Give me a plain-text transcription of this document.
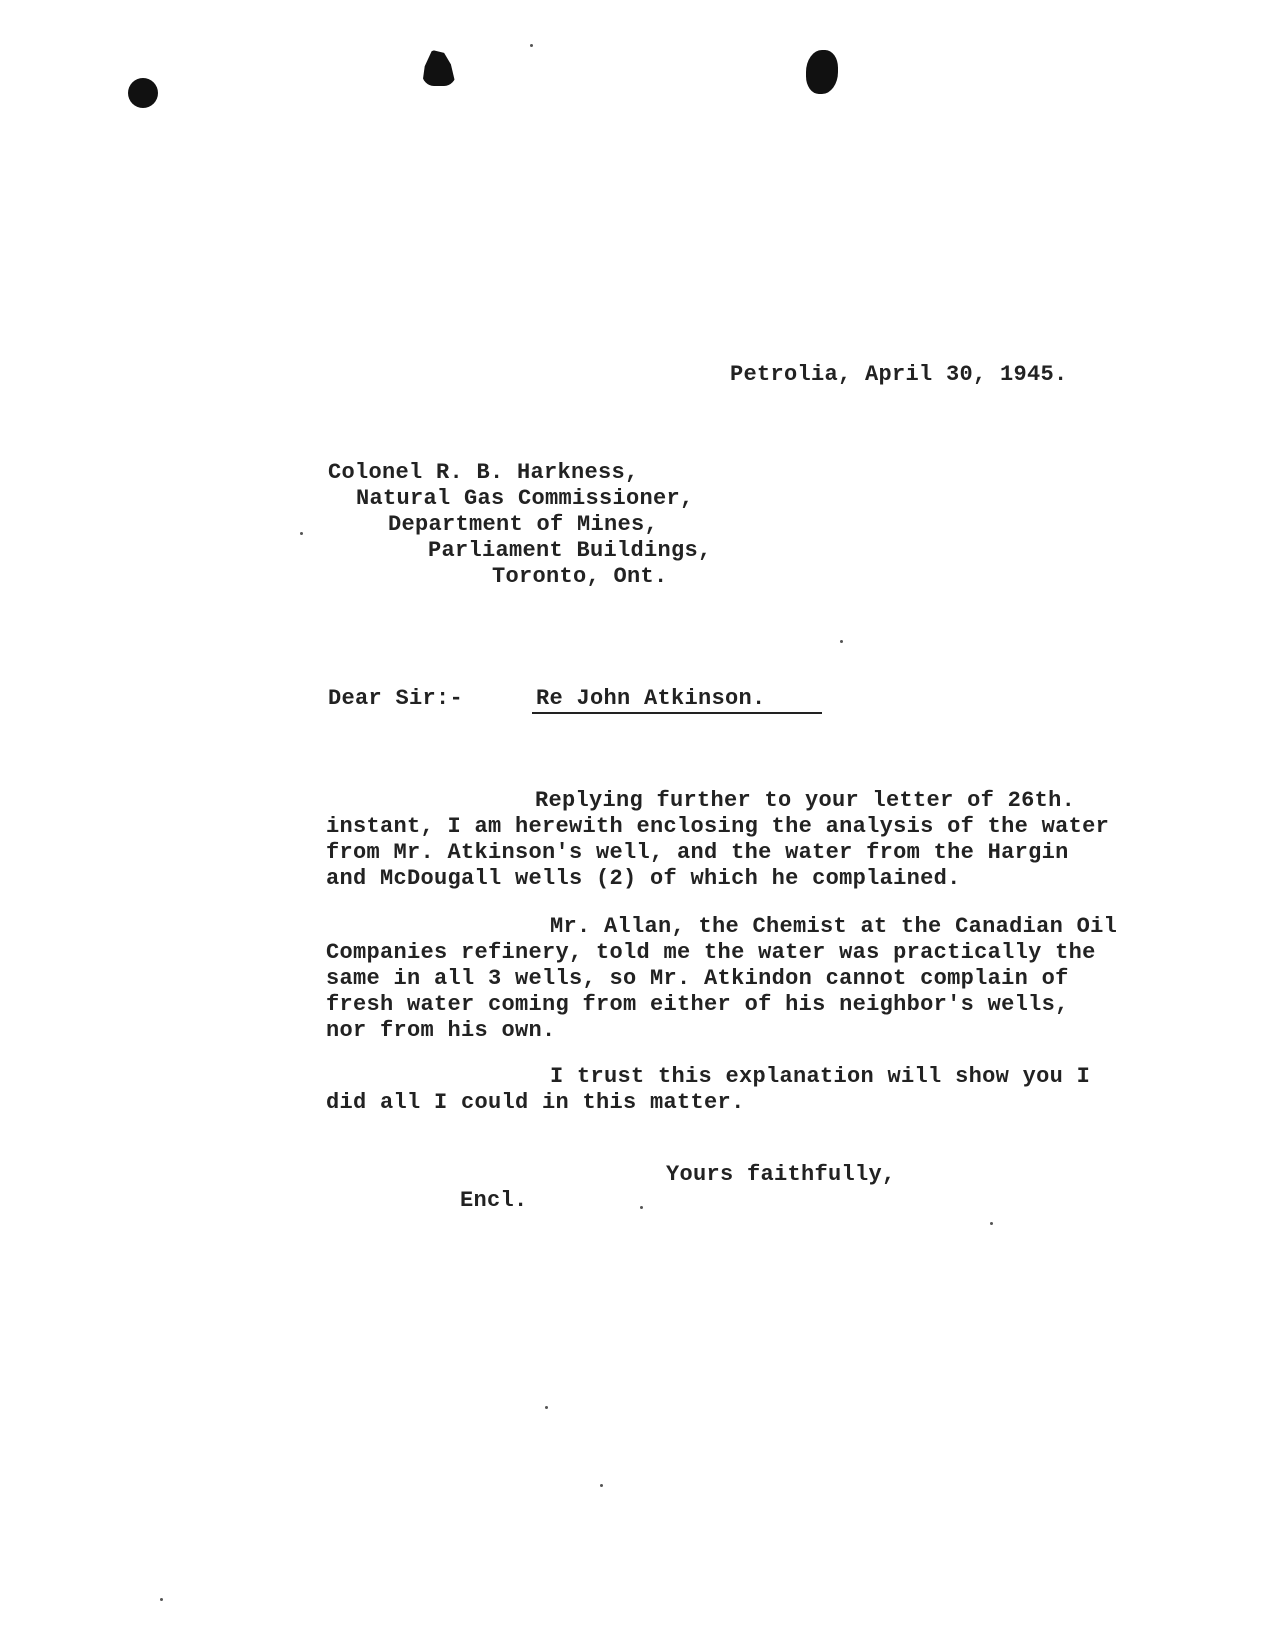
Petrolia, April 30, 1945.
Colonel R. B. Harkness,
Natural Gas Commissioner,
Department of Mines,
Parliament Buildings,
Toronto, Ont.
Dear Sir:-	Re John Atkinson.
Replying further to your letter of 26th.
instant, I am herewith enclosing the analysis of the water
from Mr. Atkinson's well, and the water from the Hargin
and McDougall wells (2) of which he complained.
Mr. Allan, the Chemist at the Canadian Oil
Companies refinery, told me the water was practically the
same in all 3 wells, so Mr. Atkindon cannot complain of
fresh water coming from either of his neighbor's wells,
nor from his own.
I trust this explanation will show you I
did all I could in this matter.
Yours faithfully,
Encl.
